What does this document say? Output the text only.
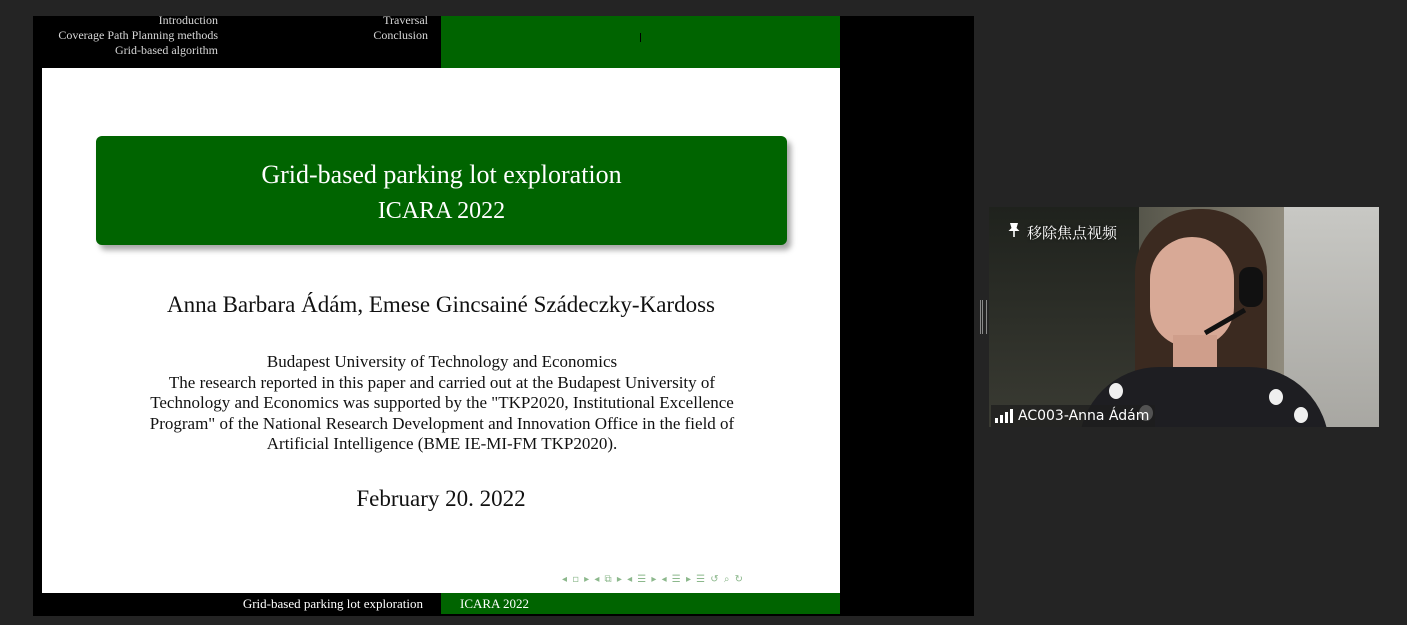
Introduction
Coverage Path Planning methods
Grid-based algorithm
Traversal
Conclusion
Grid-based parking lot exploration
ICARA 2022
Anna Barbara Ádám, Emese Gincsainé Szádeczky-Kardoss
Budapest University of Technology and Economics
The research reported in this paper and carried out at the Budapest University of
Technology and Economics was supported by the "TKP2020, Institutional Excellence
Program" of the National Research Development and Innovation Office in the field of
Artificial Intelligence (BME IE-MI-FM TKP2020).
February 20. 2022
◂ ▫ ▸ ◂ ⧉ ▸ ◂ ☰ ▸ ◂ ☰ ▸ ☰ ↺ ⌕ ↻
Grid-based parking lot exploration	ICARA 2022
移除焦点视频
AC003-Anna Ádám
